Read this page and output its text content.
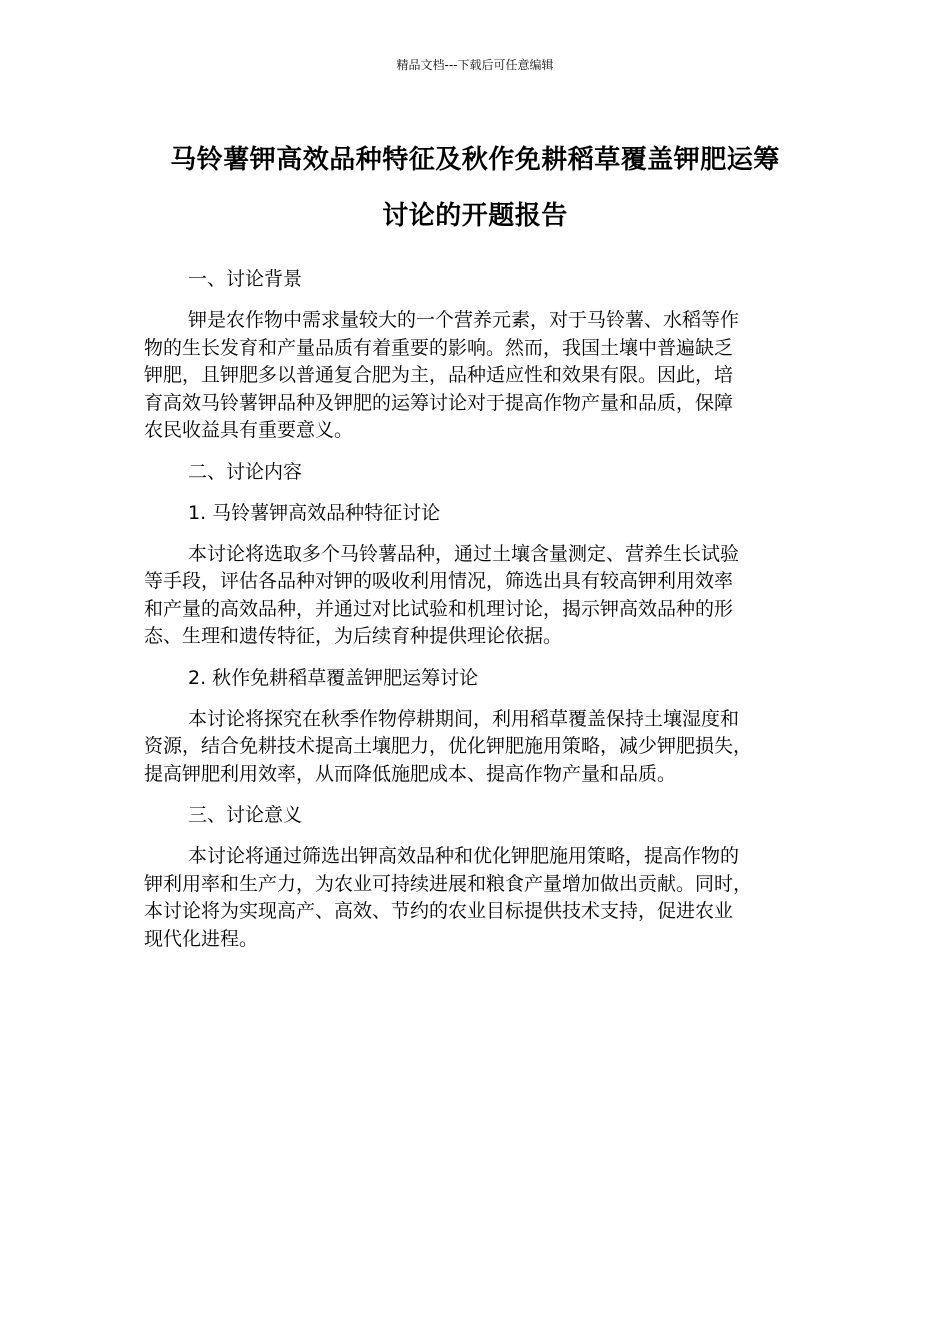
精品文档---下载后可任意编辑
马铃薯钾高效品种特征及秋作免耕稻草覆盖钾肥运筹
讨论的开题报告
一、讨论背景
钾是农作物中需求量较大的一个营养元素，对于马铃薯、水稻等作
物的生长发育和产量品质有着重要的影响。然而，我国土壤中普遍缺乏
钾肥，且钾肥多以普通复合肥为主，品种适应性和效果有限。因此，培
育高效马铃薯钾品种及钾肥的运筹讨论对于提高作物产量和品质，保障
农民收益具有重要意义。
二、讨论内容
1. 马铃薯钾高效品种特征讨论
本讨论将选取多个马铃薯品种，通过土壤含量测定、营养生长试验
等手段，评估各品种对钾的吸收利用情况，筛选出具有较高钾利用效率
和产量的高效品种，并通过对比试验和机理讨论，揭示钾高效品种的形
态、生理和遗传特征，为后续育种提供理论依据。
2. 秋作免耕稻草覆盖钾肥运筹讨论
本讨论将探究在秋季作物停耕期间，利用稻草覆盖保持土壤湿度和
资源，结合免耕技术提高土壤肥力，优化钾肥施用策略，减少钾肥损失，
提高钾肥利用效率，从而降低施肥成本、提高作物产量和品质。
三、讨论意义
本讨论将通过筛选出钾高效品种和优化钾肥施用策略，提高作物的
钾利用率和生产力，为农业可持续进展和粮食产量增加做出贡献。同时，
本讨论将为实现高产、高效、节约的农业目标提供技术支持，促进农业
现代化进程。
